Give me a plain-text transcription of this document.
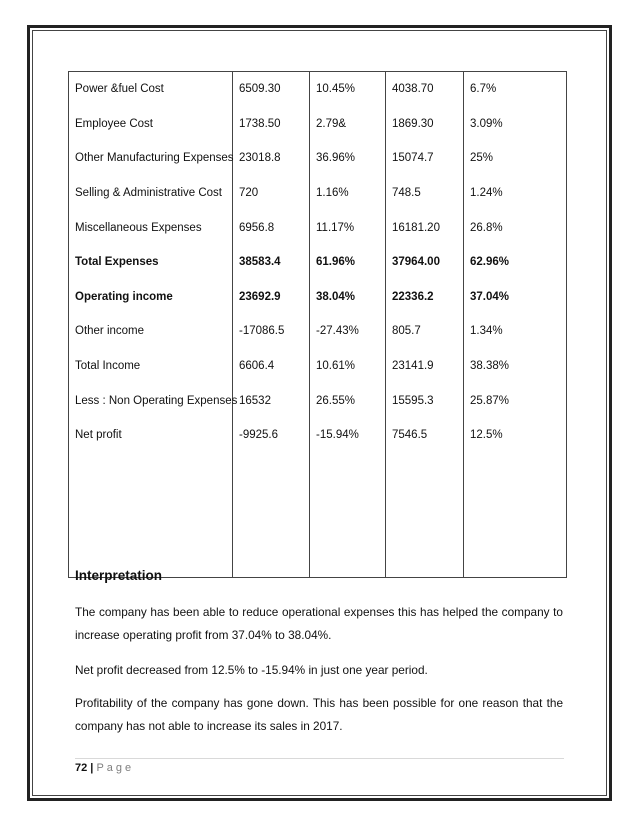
Power &fuel Cost	6509.30	10.45%	4038.70	6.7%
Employee Cost	1738.50	2.79&	1869.30	3.09%
Other Manufacturing Expenses	23018.8	36.96%	15074.7	25%
Selling & Administrative Cost	720	1.16%	748.5	1.24%
Miscellaneous Expenses	6956.8	11.17%	16181.20	26.8%
Total Expenses	38583.4	61.96%	37964.00	62.96%
Operating income	23692.9	38.04%	22336.2	37.04%
Other income	-17086.5	-27.43%	805.7	1.34%
Total Income	6606.4	10.61%	23141.9	38.38%
Less : Non Operating Expenses	16532	26.55%	15595.3	25.87%
Net profit	-9925.6	-15.94%	7546.5	12.5%

Interpretation
The company has been able to reduce operational expenses this has helped the company to increase operating profit from 37.04% to 38.04%.
Net profit decreased from 12.5% to -15.94% in just one year period.
Profitability of the company has gone down. This has been possible for one reason that the company has not able to increase its sales in 2017.
72 | Page
